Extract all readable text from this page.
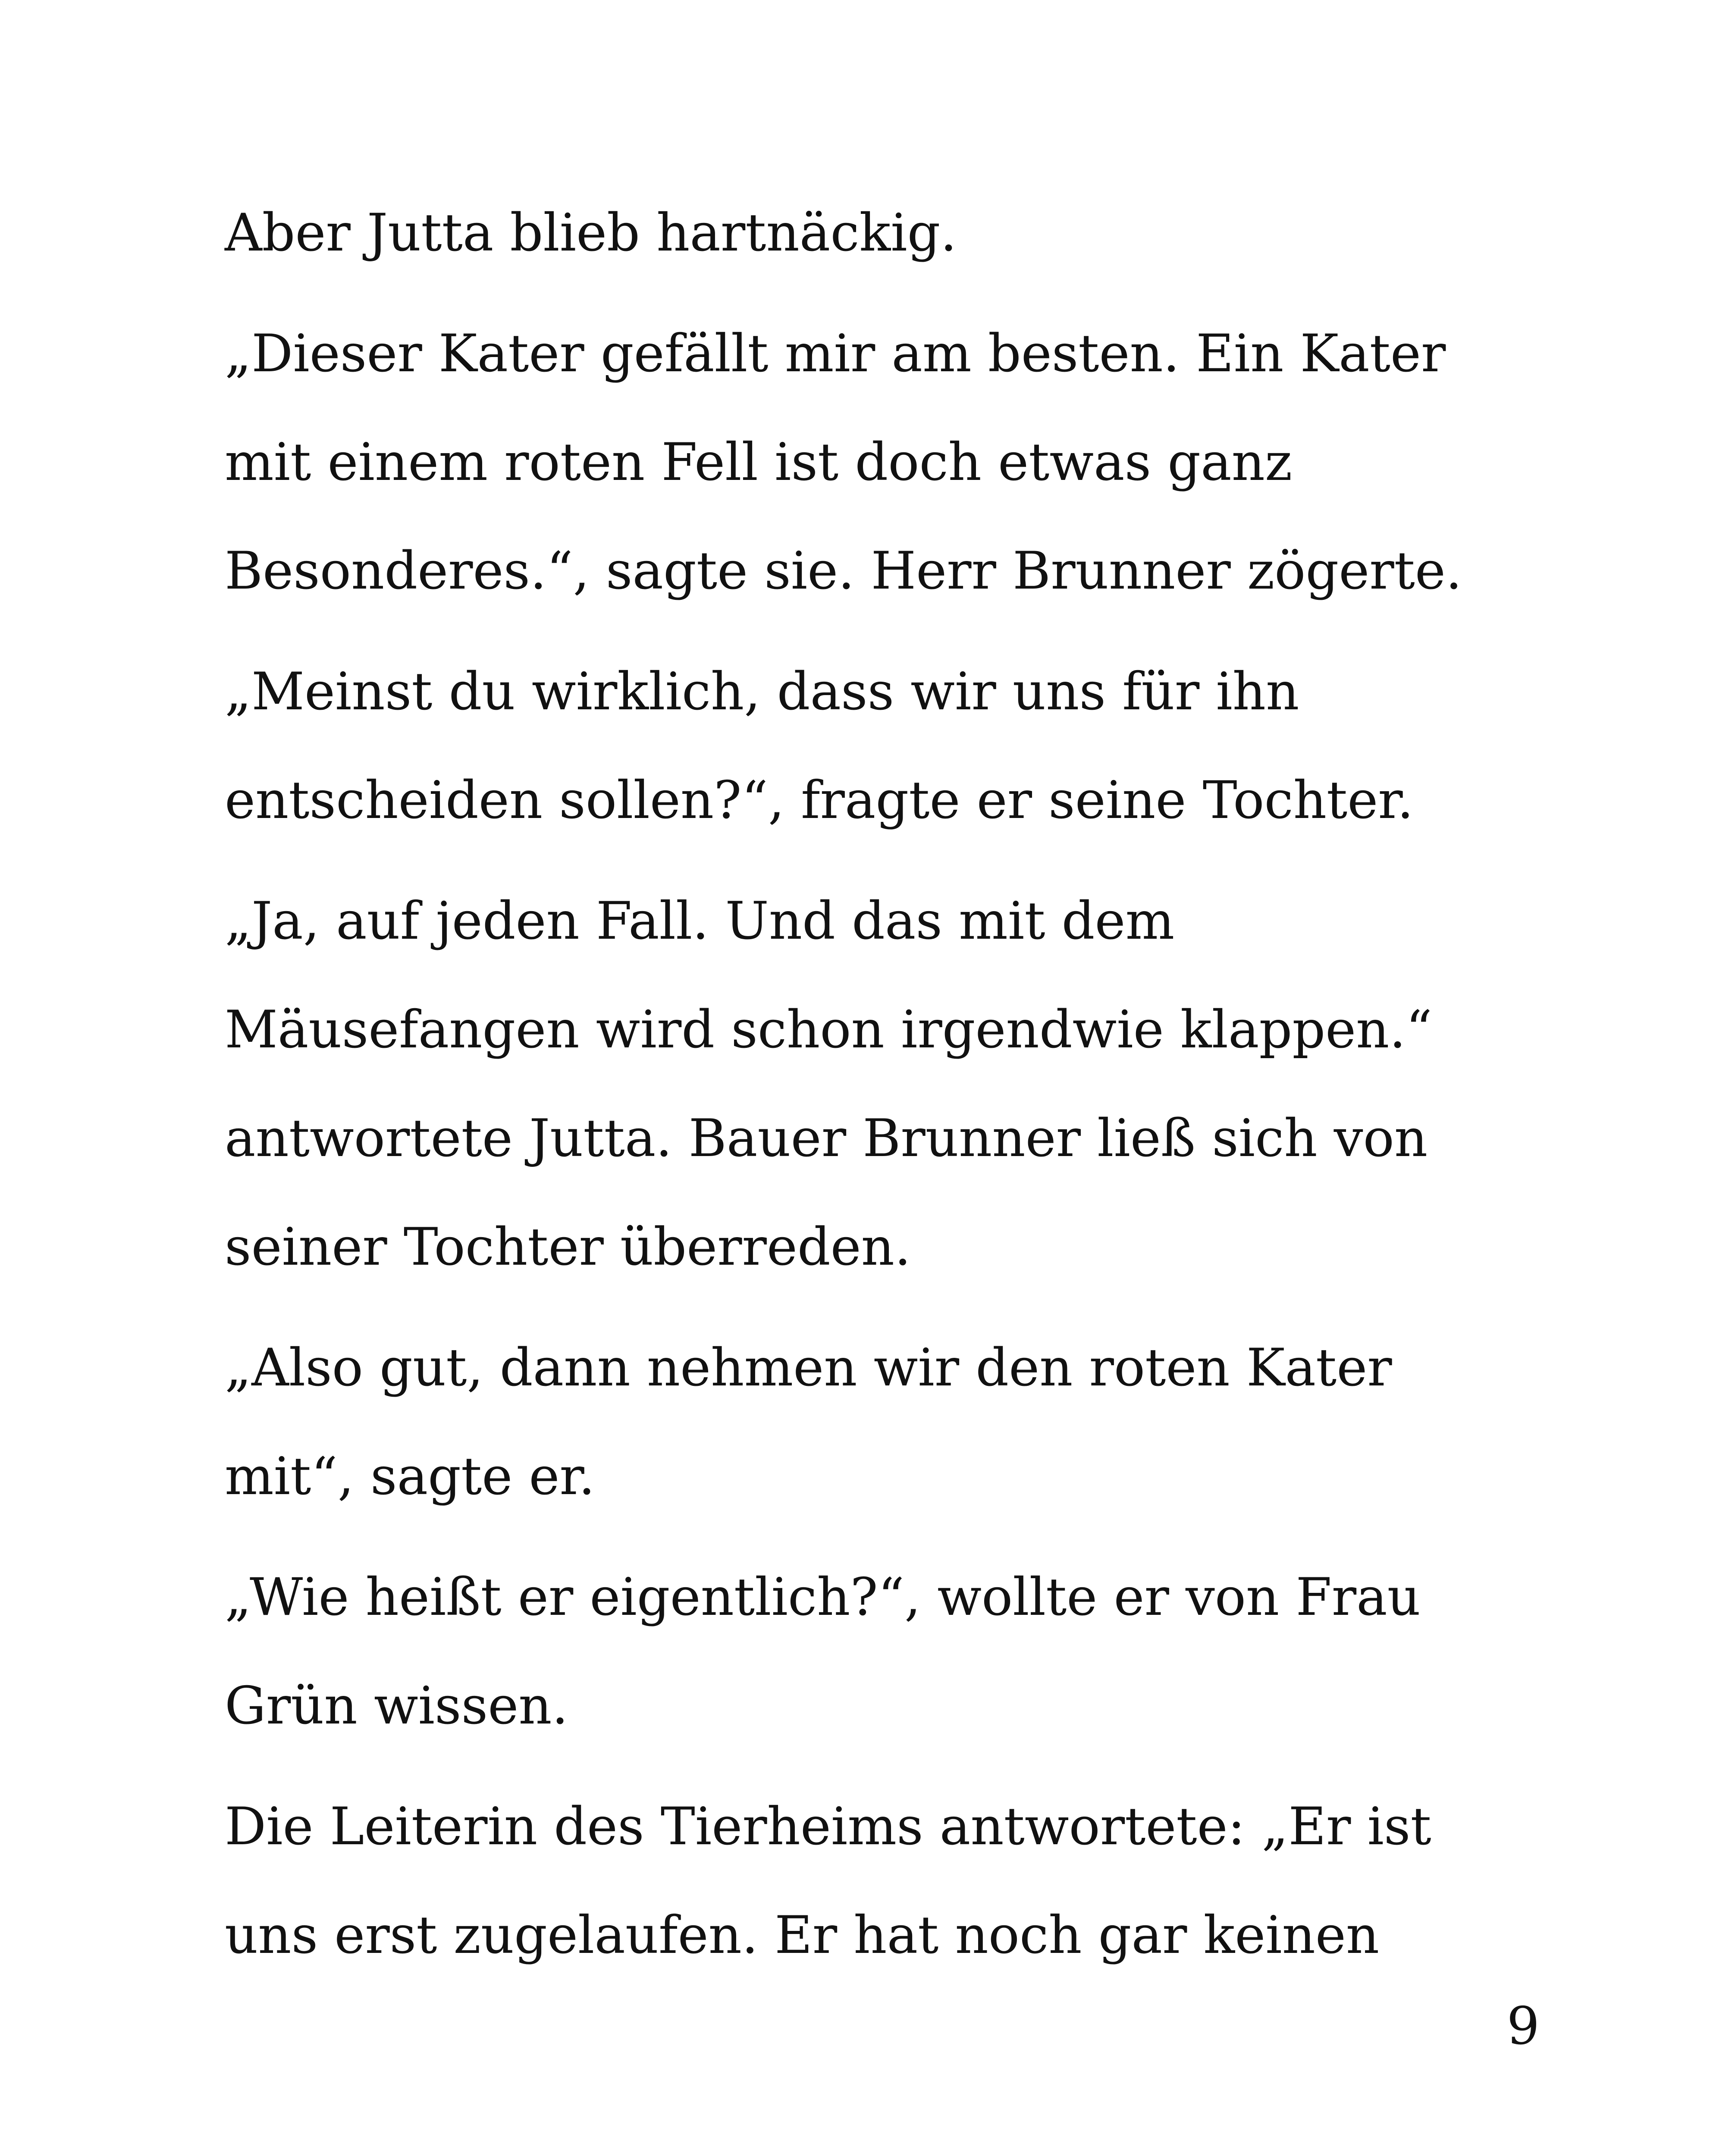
Aber Jutta blieb hartnäckig.

„Dieser Kater gefällt mir am besten. Ein Kater
mit einem roten Fell ist doch etwas ganz
Besonderes.“, sagte sie. Herr Brunner zögerte.

„Meinst du wirklich, dass wir uns für ihn
entscheiden sollen?“, fragte er seine Tochter.

„Ja, auf jeden Fall. Und das mit dem
Mäusefangen wird schon irgendwie klappen.“
antwortete Jutta. Bauer Brunner ließ sich von
seiner Tochter überreden.

„Also gut, dann nehmen wir den roten Kater
mit“, sagte er.

„Wie heißt er eigentlich?“, wollte er von Frau
Grün wissen.

Die Leiterin des Tierheims antwortete: „Er ist
uns erst zugelaufen. Er hat noch gar keinen

9
